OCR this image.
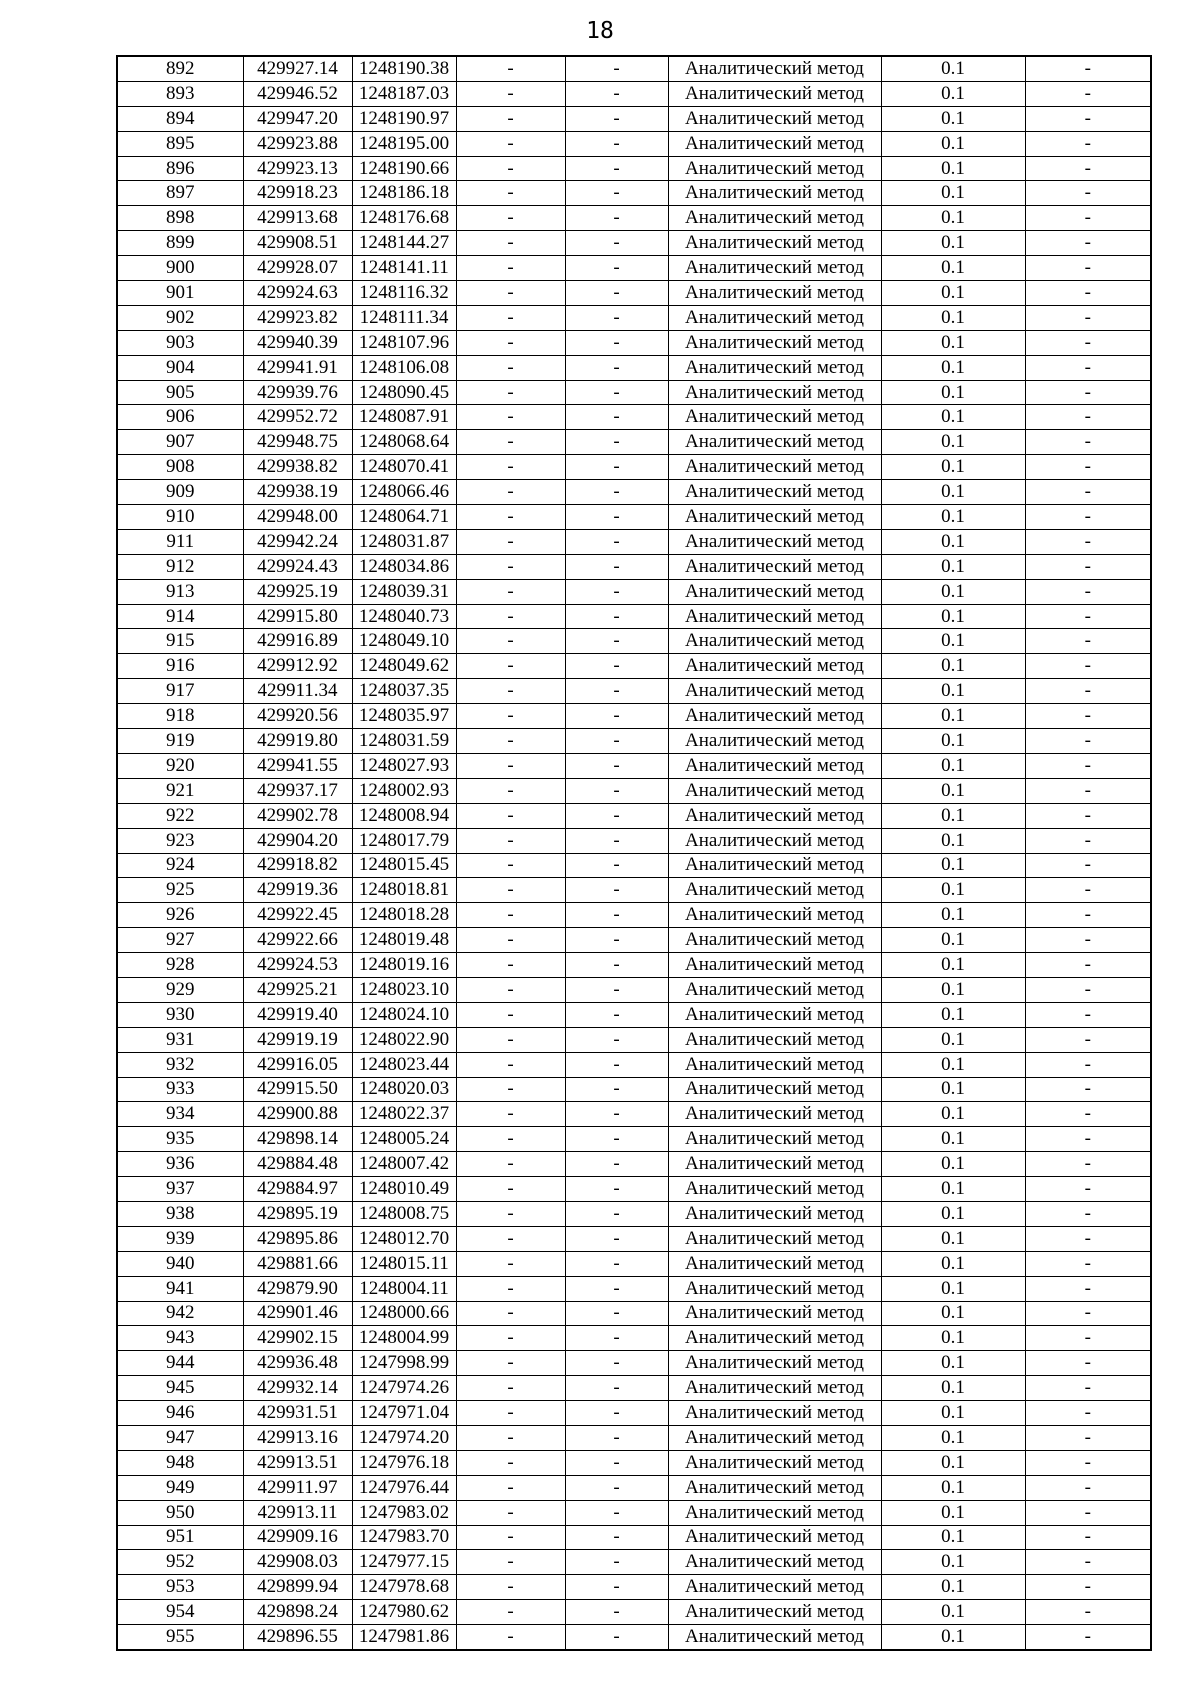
18
892	429927.14	1248190.38	-	-	Аналитический метод	0.1	-
893	429946.52	1248187.03	-	-	Аналитический метод	0.1	-
894	429947.20	1248190.97	-	-	Аналитический метод	0.1	-
895	429923.88	1248195.00	-	-	Аналитический метод	0.1	-
896	429923.13	1248190.66	-	-	Аналитический метод	0.1	-
897	429918.23	1248186.18	-	-	Аналитический метод	0.1	-
898	429913.68	1248176.68	-	-	Аналитический метод	0.1	-
899	429908.51	1248144.27	-	-	Аналитический метод	0.1	-
900	429928.07	1248141.11	-	-	Аналитический метод	0.1	-
901	429924.63	1248116.32	-	-	Аналитический метод	0.1	-
902	429923.82	1248111.34	-	-	Аналитический метод	0.1	-
903	429940.39	1248107.96	-	-	Аналитический метод	0.1	-
904	429941.91	1248106.08	-	-	Аналитический метод	0.1	-
905	429939.76	1248090.45	-	-	Аналитический метод	0.1	-
906	429952.72	1248087.91	-	-	Аналитический метод	0.1	-
907	429948.75	1248068.64	-	-	Аналитический метод	0.1	-
908	429938.82	1248070.41	-	-	Аналитический метод	0.1	-
909	429938.19	1248066.46	-	-	Аналитический метод	0.1	-
910	429948.00	1248064.71	-	-	Аналитический метод	0.1	-
911	429942.24	1248031.87	-	-	Аналитический метод	0.1	-
912	429924.43	1248034.86	-	-	Аналитический метод	0.1	-
913	429925.19	1248039.31	-	-	Аналитический метод	0.1	-
914	429915.80	1248040.73	-	-	Аналитический метод	0.1	-
915	429916.89	1248049.10	-	-	Аналитический метод	0.1	-
916	429912.92	1248049.62	-	-	Аналитический метод	0.1	-
917	429911.34	1248037.35	-	-	Аналитический метод	0.1	-
918	429920.56	1248035.97	-	-	Аналитический метод	0.1	-
919	429919.80	1248031.59	-	-	Аналитический метод	0.1	-
920	429941.55	1248027.93	-	-	Аналитический метод	0.1	-
921	429937.17	1248002.93	-	-	Аналитический метод	0.1	-
922	429902.78	1248008.94	-	-	Аналитический метод	0.1	-
923	429904.20	1248017.79	-	-	Аналитический метод	0.1	-
924	429918.82	1248015.45	-	-	Аналитический метод	0.1	-
925	429919.36	1248018.81	-	-	Аналитический метод	0.1	-
926	429922.45	1248018.28	-	-	Аналитический метод	0.1	-
927	429922.66	1248019.48	-	-	Аналитический метод	0.1	-
928	429924.53	1248019.16	-	-	Аналитический метод	0.1	-
929	429925.21	1248023.10	-	-	Аналитический метод	0.1	-
930	429919.40	1248024.10	-	-	Аналитический метод	0.1	-
931	429919.19	1248022.90	-	-	Аналитический метод	0.1	-
932	429916.05	1248023.44	-	-	Аналитический метод	0.1	-
933	429915.50	1248020.03	-	-	Аналитический метод	0.1	-
934	429900.88	1248022.37	-	-	Аналитический метод	0.1	-
935	429898.14	1248005.24	-	-	Аналитический метод	0.1	-
936	429884.48	1248007.42	-	-	Аналитический метод	0.1	-
937	429884.97	1248010.49	-	-	Аналитический метод	0.1	-
938	429895.19	1248008.75	-	-	Аналитический метод	0.1	-
939	429895.86	1248012.70	-	-	Аналитический метод	0.1	-
940	429881.66	1248015.11	-	-	Аналитический метод	0.1	-
941	429879.90	1248004.11	-	-	Аналитический метод	0.1	-
942	429901.46	1248000.66	-	-	Аналитический метод	0.1	-
943	429902.15	1248004.99	-	-	Аналитический метод	0.1	-
944	429936.48	1247998.99	-	-	Аналитический метод	0.1	-
945	429932.14	1247974.26	-	-	Аналитический метод	0.1	-
946	429931.51	1247971.04	-	-	Аналитический метод	0.1	-
947	429913.16	1247974.20	-	-	Аналитический метод	0.1	-
948	429913.51	1247976.18	-	-	Аналитический метод	0.1	-
949	429911.97	1247976.44	-	-	Аналитический метод	0.1	-
950	429913.11	1247983.02	-	-	Аналитический метод	0.1	-
951	429909.16	1247983.70	-	-	Аналитический метод	0.1	-
952	429908.03	1247977.15	-	-	Аналитический метод	0.1	-
953	429899.94	1247978.68	-	-	Аналитический метод	0.1	-
954	429898.24	1247980.62	-	-	Аналитический метод	0.1	-
955	429896.55	1247981.86	-	-	Аналитический метод	0.1	-
